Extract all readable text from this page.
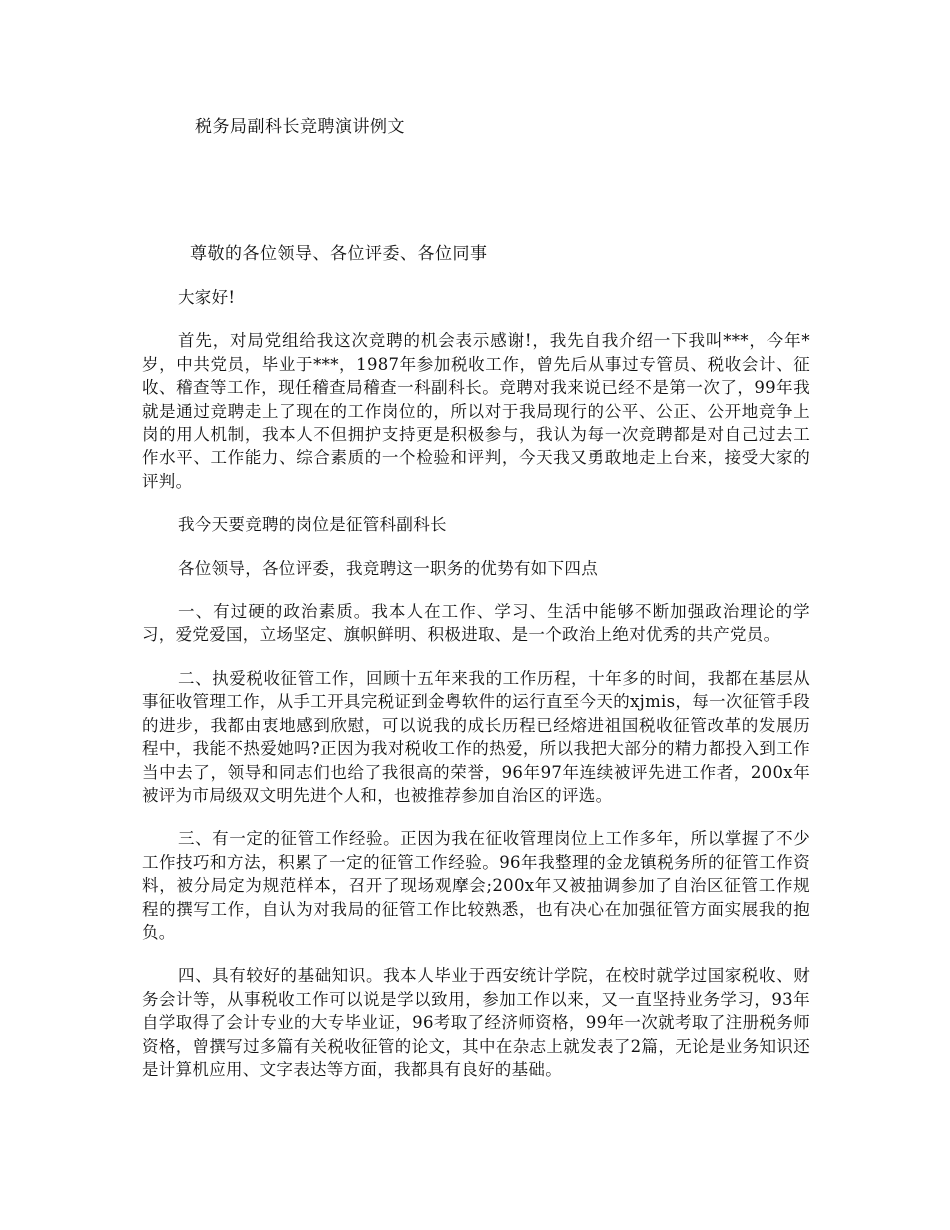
税务局副科长竞聘演讲例文
尊敬的各位领导、各位评委、各位同事

大家好!

首先，对局党组给我这次竞聘的机会表示感谢!，我先自我介绍一下我叫***，今年*岁，中共党员，毕业于***，1987年参加税收工作，曾先后从事过专管员、税收会计、征收、稽查等工作，现任稽查局稽查一科副科长。竞聘对我来说已经不是第一次了，99年我就是通过竞聘走上了现在的工作岗位的，所以对于我局现行的公平、公正、公开地竞争上岗的用人机制，我本人不但拥护支持更是积极参与，我认为每一次竞聘都是对自己过去工作水平、工作能力、综合素质的一个检验和评判，今天我又勇敢地走上台来，接受大家的评判。

我今天要竞聘的岗位是征管科副科长

各位领导，各位评委，我竞聘这一职务的优势有如下四点

一、有过硬的政治素质。我本人在工作、学习、生活中能够不断加强政治理论的学习，爱党爱国，立场坚定、旗帜鲜明、积极进取、是一个政治上绝对优秀的共产党员。

二、执爱税收征管工作，回顾十五年来我的工作历程，十年多的时间，我都在基层从事征收管理工作，从手工开具完税证到金粤软件的运行直至今天的xjmis，每一次征管手段的进步，我都由衷地感到欣慰，可以说我的成长历程已经熔进祖国税收征管改革的发展历程中，我能不热爱她吗?正因为我对税收工作的热爱，所以我把大部分的精力都投入到工作当中去了，领导和同志们也给了我很高的荣誉，96年97年连续被评先进工作者，200x年被评为市局级双文明先进个人和，也被推荐参加自治区的评选。

三、有一定的征管工作经验。正因为我在征收管理岗位上工作多年，所以掌握了不少工作技巧和方法，积累了一定的征管工作经验。96年我整理的金龙镇税务所的征管工作资料，被分局定为规范样本，召开了现场观摩会;200x年又被抽调参加了自治区征管工作规程的撰写工作，自认为对我局的征管工作比较熟悉，也有决心在加强征管方面实展我的抱负。

四、具有较好的基础知识。我本人毕业于西安统计学院，在校时就学过国家税收、财务会计等，从事税收工作可以说是学以致用，参加工作以来，又一直坚持业务学习，93年自学取得了会计专业的大专毕业证，96考取了经济师资格，99年一次就考取了注册税务师资格，曾撰写过多篇有关税收征管的论文，其中在杂志上就发表了2篇，无论是业务知识还是计算机应用、文字表达等方面，我都具有良好的基础。
